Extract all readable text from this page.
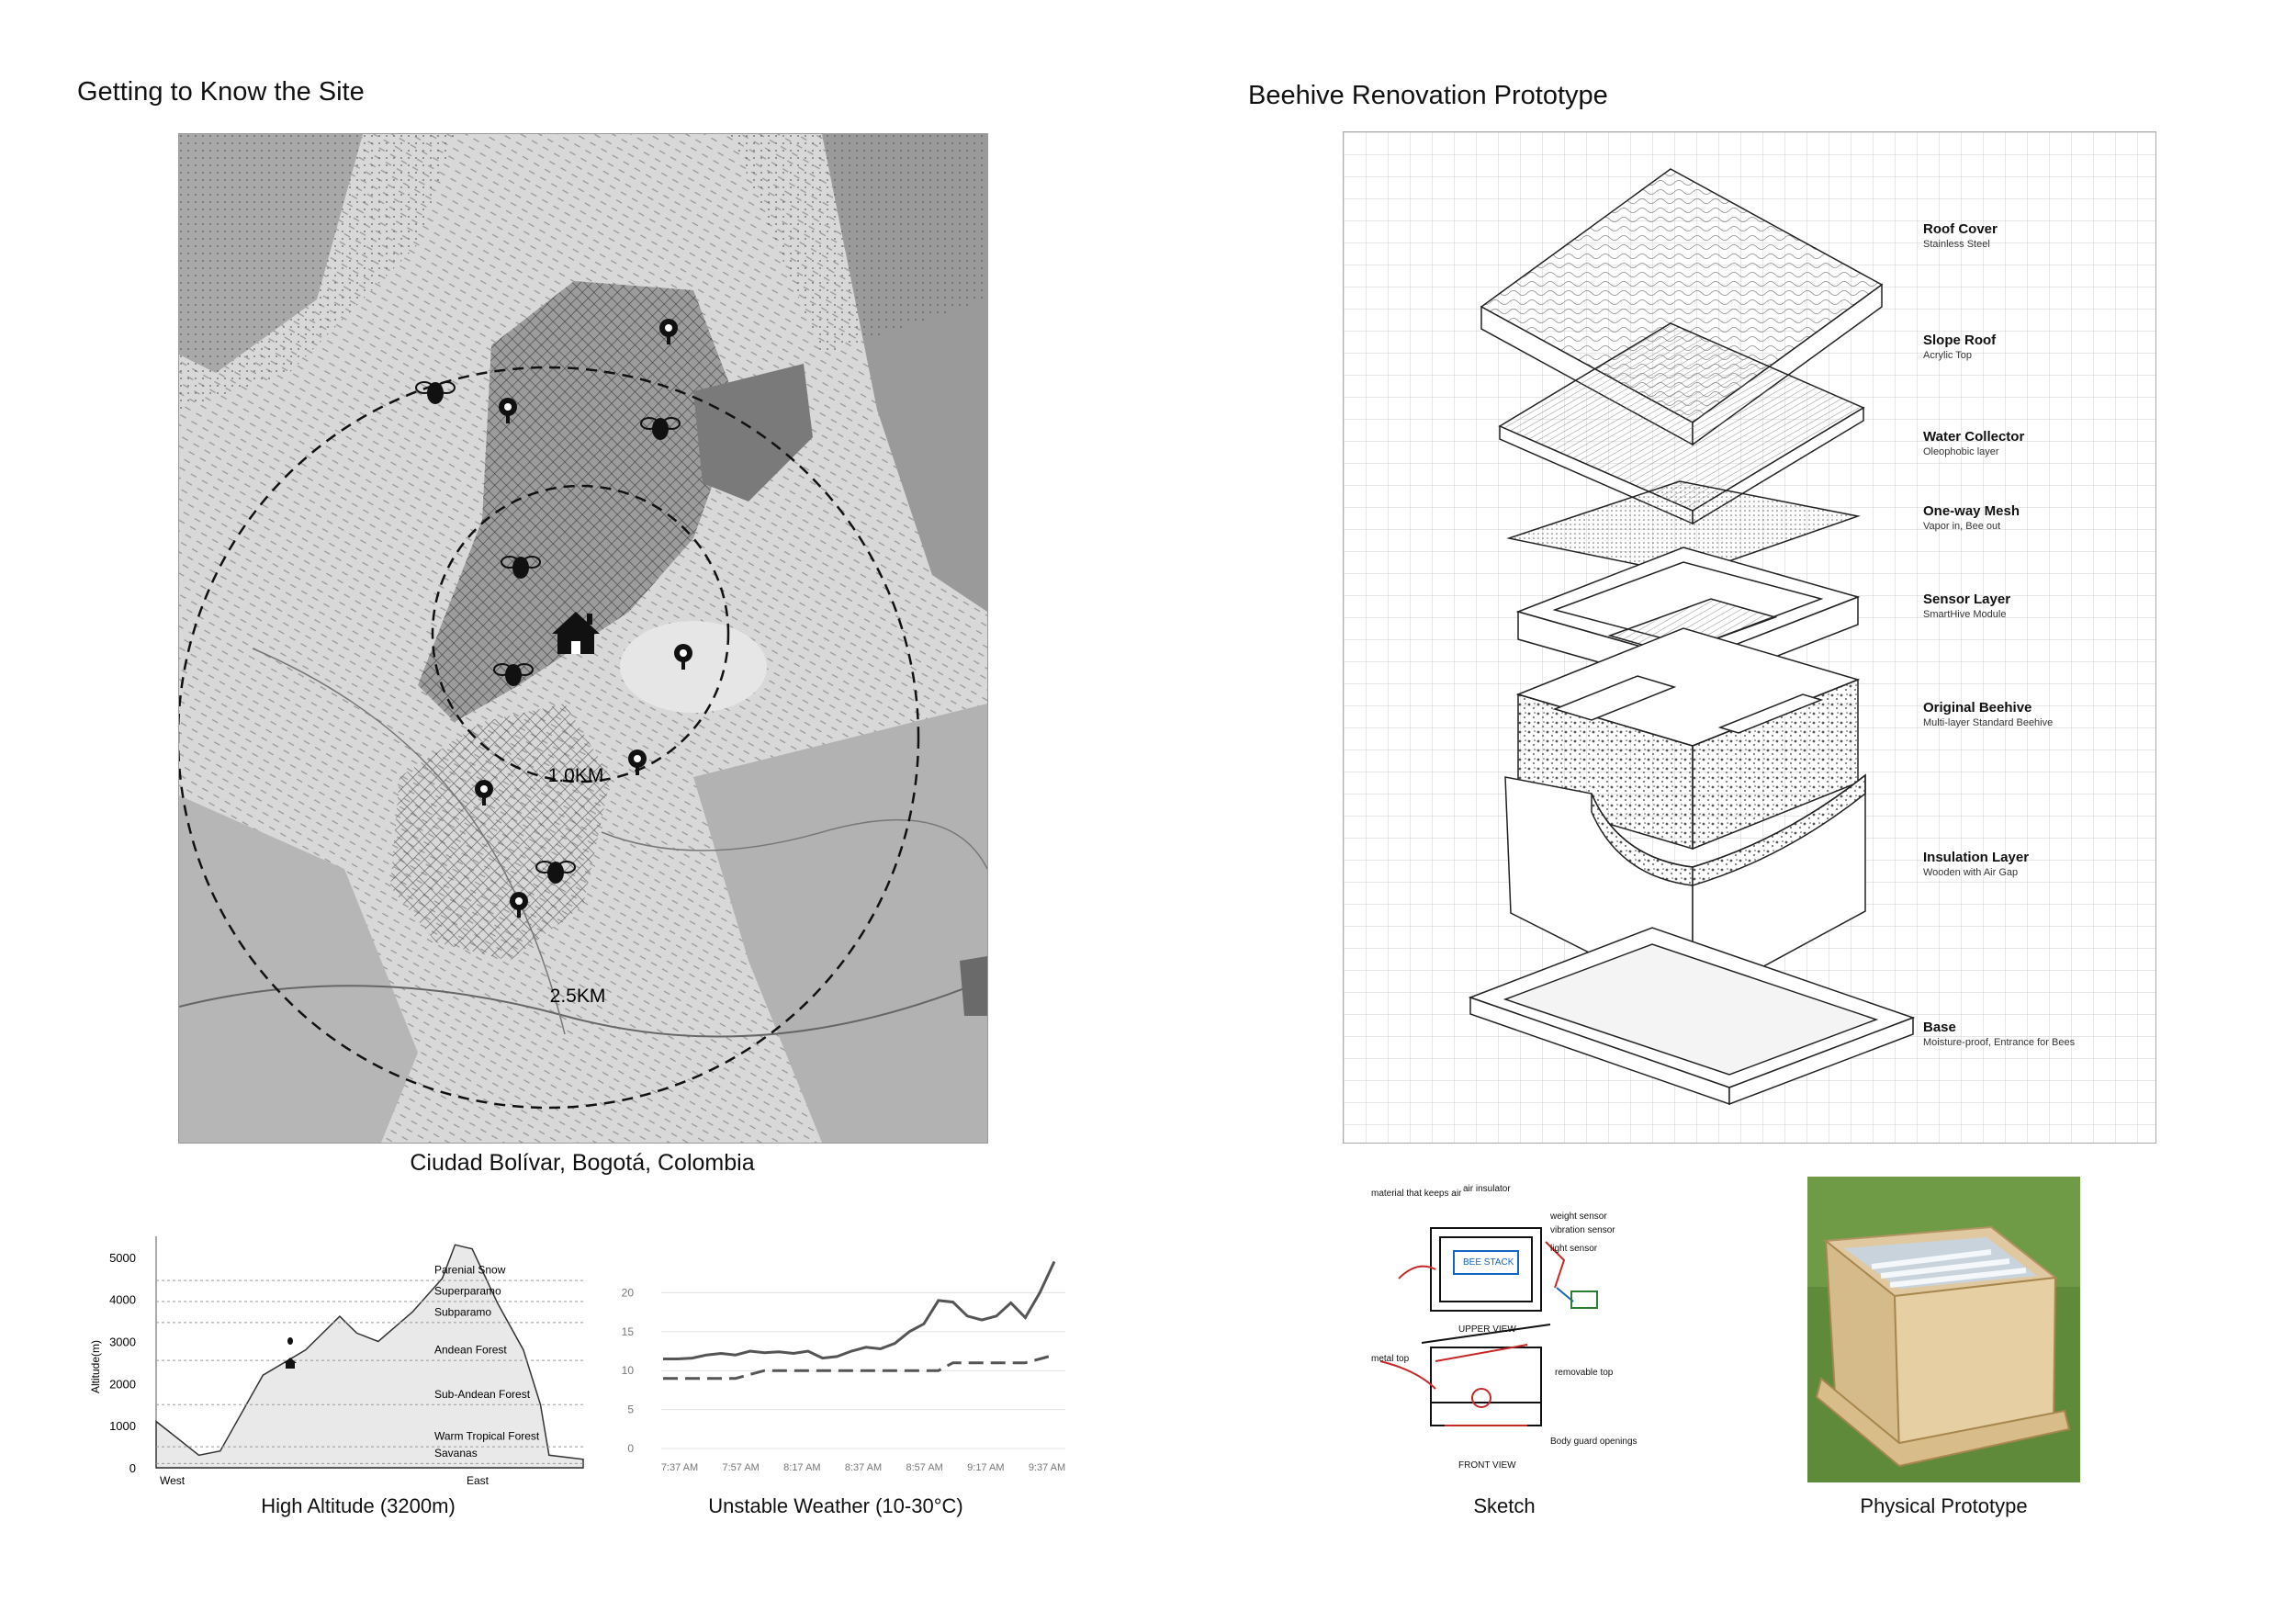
Getting to Know the Site
1.0KM
2.5KM
Ciudad Bolívar, Bogotá, Colombia
Parenial Snow
Superparamo
Subparamo
Andean Forest
Sub-Andean Forest
Warm Tropical Forest
Savanas
0
1000
2000
3000
4000
5000
West	East
Altitude(m)
High Altitude (3200m)
0
5
10
15
20
7:37 AM 7:57 AM 8:17 AM 8:37 AM 8:57 AM 9:17 AM 9:37 AM
Unstable Weather (10-30°C)
Beehive Renovation Prototype
Roof Cover
Stainless Steel
Slope Roof
Acrylic Top
Water Collector
Oleophobic layer
One-way Mesh
Vapor in, Bee out
Sensor Layer
SmartHive Module
Original Beehive
Multi-layer Standard Beehive
Insulation Layer
Wooden with Air Gap
Base
Moisture-proof, Entrance for Bees
material that keeps air air insulator
weight sensor
vibration sensor
light sensor
BEE STACK
UPPER VIEW
metal top
removable top
Body guard openings
FRONT VIEW
Sketch	Physical Prototype
